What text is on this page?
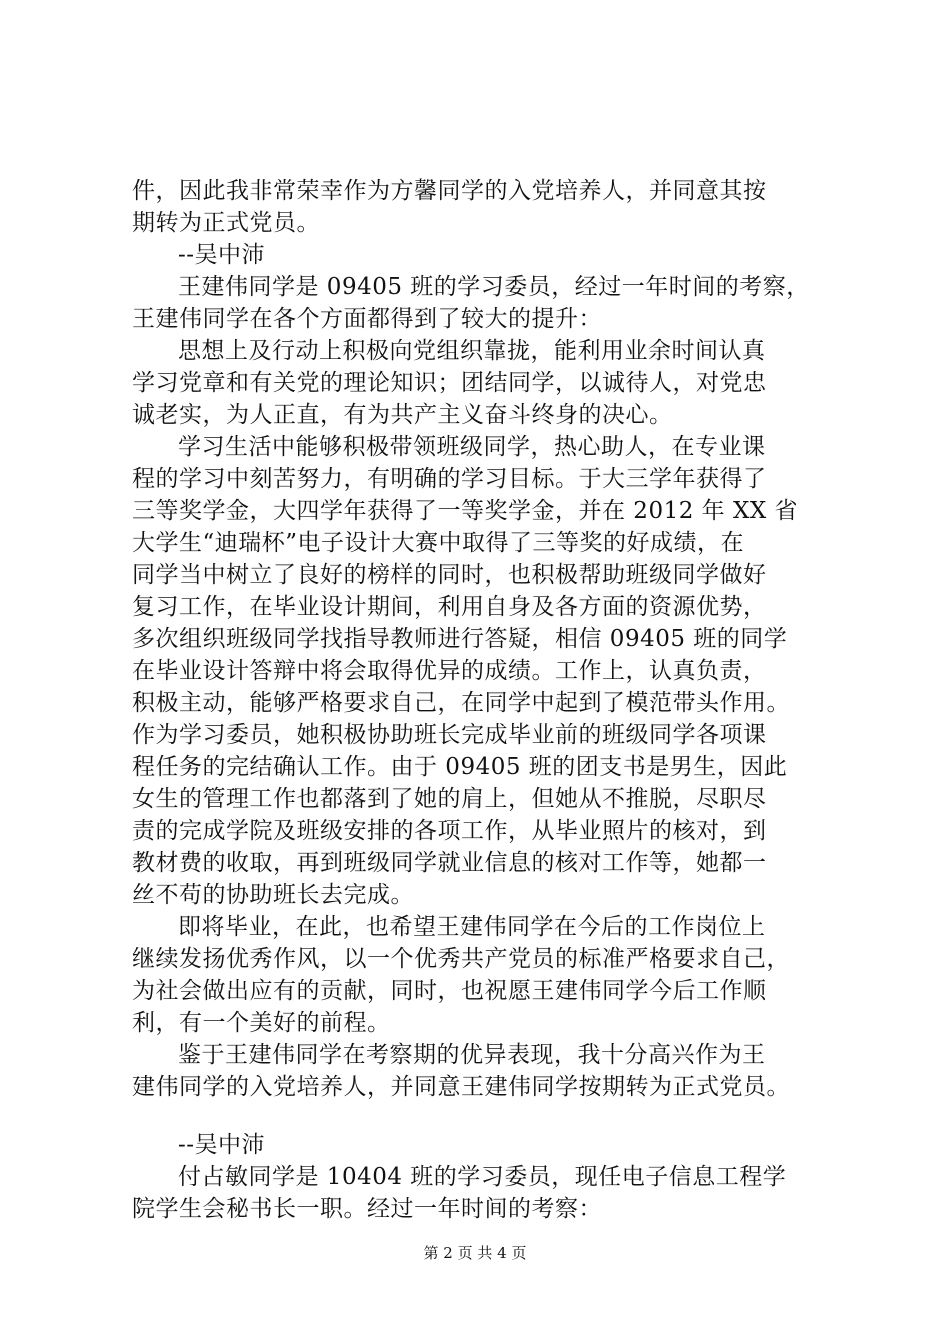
件，因此我非常荣幸作为方馨同学的入党培养人，并同意其按
期转为正式党员。
--吴中沛
王建伟同学是 09405 班的学习委员，经过一年时间的考察，
王建伟同学在各个方面都得到了较大的提升：
思想上及行动上积极向党组织靠拢，能利用业余时间认真
学习党章和有关党的理论知识；团结同学，以诚待人，对党忠
诚老实，为人正直，有为共产主义奋斗终身的决心。
学习生活中能够积极带领班级同学，热心助人，在专业课
程的学习中刻苦努力，有明确的学习目标。于大三学年获得了
三等奖学金，大四学年获得了一等奖学金，并在 2012 年 XX 省
大学生“迪瑞杯”电子设计大赛中取得了三等奖的好成绩，在
同学当中树立了良好的榜样的同时，也积极帮助班级同学做好
复习工作，在毕业设计期间，利用自身及各方面的资源优势，
多次组织班级同学找指导教师进行答疑，相信 09405 班的同学
在毕业设计答辩中将会取得优异的成绩。工作上，认真负责，
积极主动，能够严格要求自己，在同学中起到了模范带头作用。
作为学习委员，她积极协助班长完成毕业前的班级同学各项课
程任务的完结确认工作。由于 09405 班的团支书是男生，因此
女生的管理工作也都落到了她的肩上，但她从不推脱，尽职尽
责的完成学院及班级安排的各项工作，从毕业照片的核对，到
教材费的收取，再到班级同学就业信息的核对工作等，她都一
丝不苟的协助班长去完成。
即将毕业，在此，也希望王建伟同学在今后的工作岗位上
继续发扬优秀作风，以一个优秀共产党员的标准严格要求自己，
为社会做出应有的贡献，同时，也祝愿王建伟同学今后工作顺
利，有一个美好的前程。
鉴于王建伟同学在考察期的优异表现，我十分高兴作为王
建伟同学的入党培养人，并同意王建伟同学按期转为正式党员。
--吴中沛
付占敏同学是 10404 班的学习委员，现任电子信息工程学
院学生会秘书长一职。经过一年时间的考察：
第 2 页 共 4 页
